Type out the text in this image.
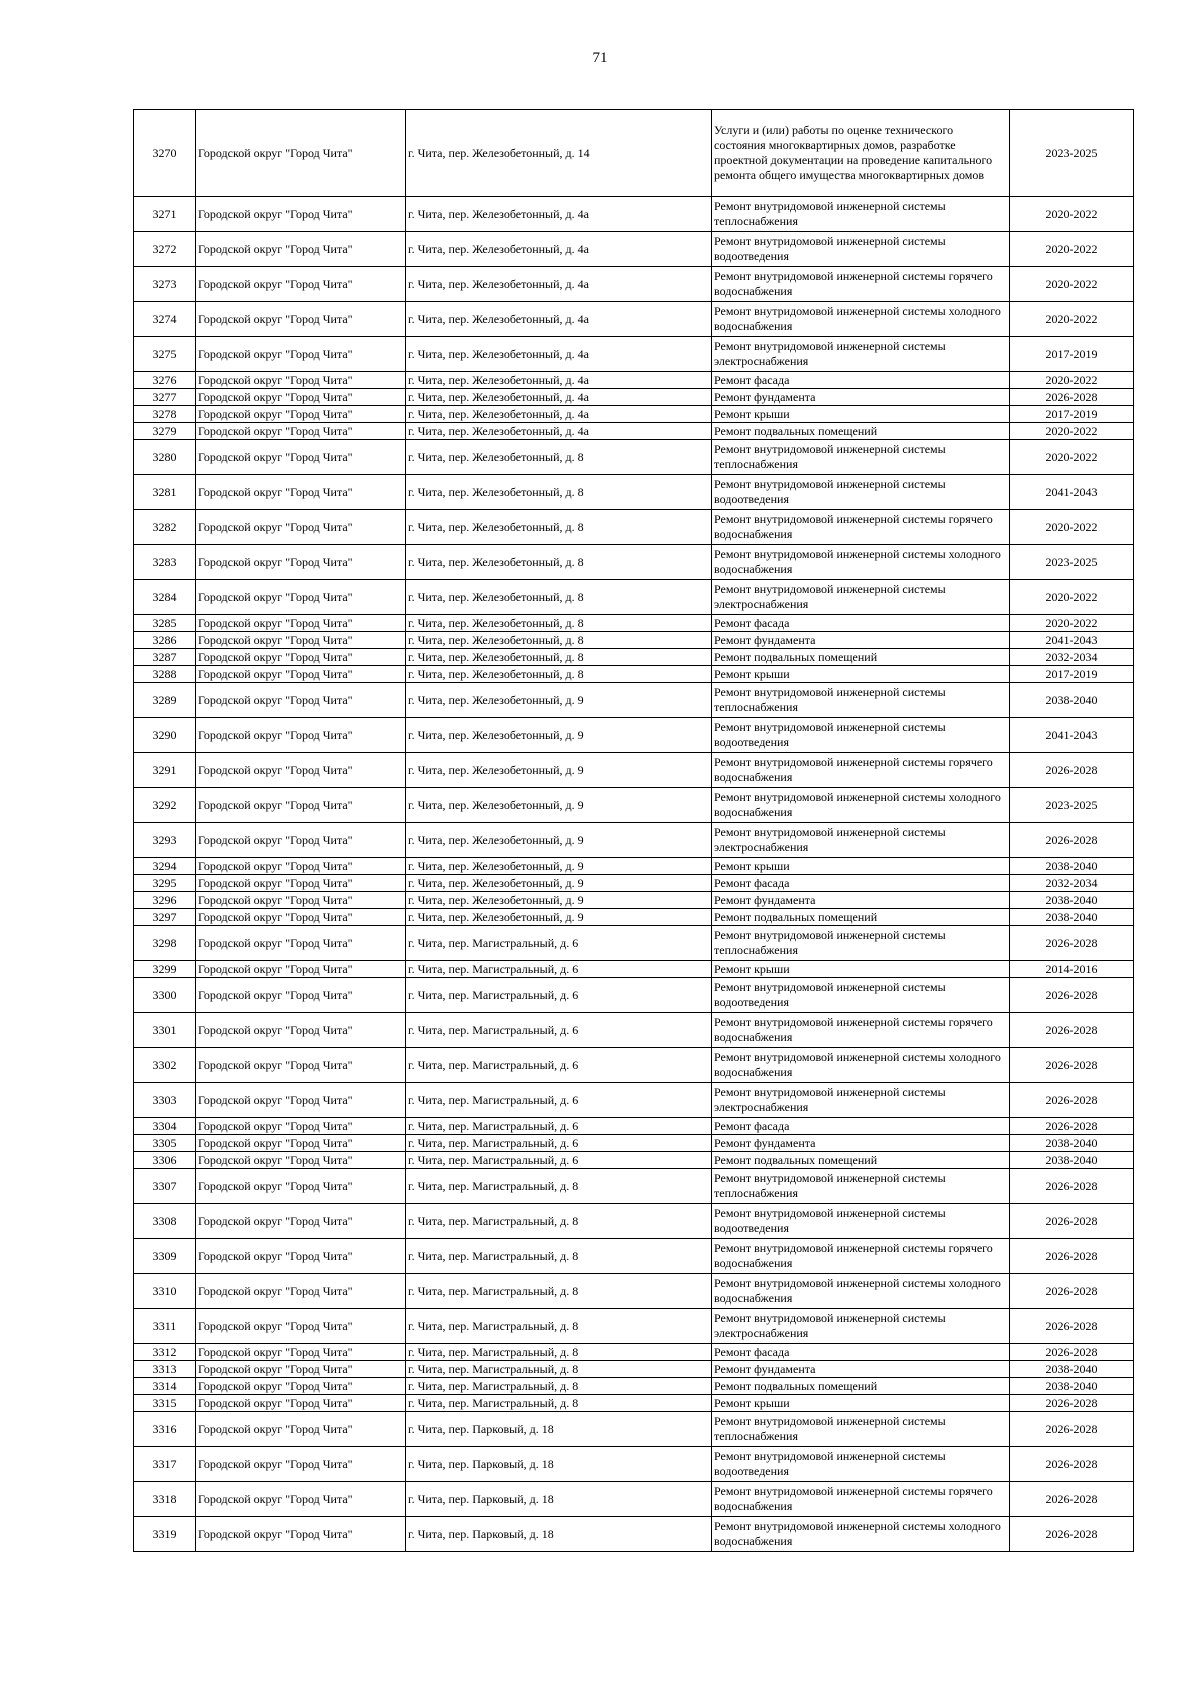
71
3270	Городской округ "Город Чита"	г. Чита, пер. Железобетонный, д. 14	Услуги и (или) работы по оценке технического состояния многоквартирных домов, разработке проектной документации на проведение капитального ремонта общего имущества многоквартирных домов	2023-2025
3271	Городской округ "Город Чита"	г. Чита, пер. Железобетонный, д. 4а	Ремонт внутридомовой инженерной системы теплоснабжения	2020-2022
3272	Городской округ "Город Чита"	г. Чита, пер. Железобетонный, д. 4а	Ремонт внутридомовой инженерной системы водоотведения	2020-2022
3273	Городской округ "Город Чита"	г. Чита, пер. Железобетонный, д. 4а	Ремонт внутридомовой инженерной системы горячего водоснабжения	2020-2022
3274	Городской округ "Город Чита"	г. Чита, пер. Железобетонный, д. 4а	Ремонт внутридомовой инженерной системы холодного водоснабжения	2020-2022
3275	Городской округ "Город Чита"	г. Чита, пер. Железобетонный, д. 4а	Ремонт внутридомовой инженерной системы электроснабжения	2017-2019
3276	Городской округ "Город Чита"	г. Чита, пер. Железобетонный, д. 4а	Ремонт фасада	2020-2022
3277	Городской округ "Город Чита"	г. Чита, пер. Железобетонный, д. 4а	Ремонт фундамента	2026-2028
3278	Городской округ "Город Чита"	г. Чита, пер. Железобетонный, д. 4а	Ремонт крыши	2017-2019
3279	Городской округ "Город Чита"	г. Чита, пер. Железобетонный, д. 4а	Ремонт подвальных помещений	2020-2022
3280	Городской округ "Город Чита"	г. Чита, пер. Железобетонный, д. 8	Ремонт внутридомовой инженерной системы теплоснабжения	2020-2022
3281	Городской округ "Город Чита"	г. Чита, пер. Железобетонный, д. 8	Ремонт внутридомовой инженерной системы водоотведения	2041-2043
3282	Городской округ "Город Чита"	г. Чита, пер. Железобетонный, д. 8	Ремонт внутридомовой инженерной системы горячего водоснабжения	2020-2022
3283	Городской округ "Город Чита"	г. Чита, пер. Железобетонный, д. 8	Ремонт внутридомовой инженерной системы холодного водоснабжения	2023-2025
3284	Городской округ "Город Чита"	г. Чита, пер. Железобетонный, д. 8	Ремонт внутридомовой инженерной системы электроснабжения	2020-2022
3285	Городской округ "Город Чита"	г. Чита, пер. Железобетонный, д. 8	Ремонт фасада	2020-2022
3286	Городской округ "Город Чита"	г. Чита, пер. Железобетонный, д. 8	Ремонт фундамента	2041-2043
3287	Городской округ "Город Чита"	г. Чита, пер. Железобетонный, д. 8	Ремонт подвальных помещений	2032-2034
3288	Городской округ "Город Чита"	г. Чита, пер. Железобетонный, д. 8	Ремонт крыши	2017-2019
3289	Городской округ "Город Чита"	г. Чита, пер. Железобетонный, д. 9	Ремонт внутридомовой инженерной системы теплоснабжения	2038-2040
3290	Городской округ "Город Чита"	г. Чита, пер. Железобетонный, д. 9	Ремонт внутридомовой инженерной системы водоотведения	2041-2043
3291	Городской округ "Город Чита"	г. Чита, пер. Железобетонный, д. 9	Ремонт внутридомовой инженерной системы горячего водоснабжения	2026-2028
3292	Городской округ "Город Чита"	г. Чита, пер. Железобетонный, д. 9	Ремонт внутридомовой инженерной системы холодного водоснабжения	2023-2025
3293	Городской округ "Город Чита"	г. Чита, пер. Железобетонный, д. 9	Ремонт внутридомовой инженерной системы электроснабжения	2026-2028
3294	Городской округ "Город Чита"	г. Чита, пер. Железобетонный, д. 9	Ремонт крыши	2038-2040
3295	Городской округ "Город Чита"	г. Чита, пер. Железобетонный, д. 9	Ремонт фасада	2032-2034
3296	Городской округ "Город Чита"	г. Чита, пер. Железобетонный, д. 9	Ремонт фундамента	2038-2040
3297	Городской округ "Город Чита"	г. Чита, пер. Железобетонный, д. 9	Ремонт подвальных помещений	2038-2040
3298	Городской округ "Город Чита"	г. Чита, пер. Магистральный, д. 6	Ремонт внутридомовой инженерной системы теплоснабжения	2026-2028
3299	Городской округ "Город Чита"	г. Чита, пер. Магистральный, д. 6	Ремонт крыши	2014-2016
3300	Городской округ "Город Чита"	г. Чита, пер. Магистральный, д. 6	Ремонт внутридомовой инженерной системы водоотведения	2026-2028
3301	Городской округ "Город Чита"	г. Чита, пер. Магистральный, д. 6	Ремонт внутридомовой инженерной системы горячего водоснабжения	2026-2028
3302	Городской округ "Город Чита"	г. Чита, пер. Магистральный, д. 6	Ремонт внутридомовой инженерной системы холодного водоснабжения	2026-2028
3303	Городской округ "Город Чита"	г. Чита, пер. Магистральный, д. 6	Ремонт внутридомовой инженерной системы электроснабжения	2026-2028
3304	Городской округ "Город Чита"	г. Чита, пер. Магистральный, д. 6	Ремонт фасада	2026-2028
3305	Городской округ "Город Чита"	г. Чита, пер. Магистральный, д. 6	Ремонт фундамента	2038-2040
3306	Городской округ "Город Чита"	г. Чита, пер. Магистральный, д. 6	Ремонт подвальных помещений	2038-2040
3307	Городской округ "Город Чита"	г. Чита, пер. Магистральный, д. 8	Ремонт внутридомовой инженерной системы теплоснабжения	2026-2028
3308	Городской округ "Город Чита"	г. Чита, пер. Магистральный, д. 8	Ремонт внутридомовой инженерной системы водоотведения	2026-2028
3309	Городской округ "Город Чита"	г. Чита, пер. Магистральный, д. 8	Ремонт внутридомовой инженерной системы горячего водоснабжения	2026-2028
3310	Городской округ "Город Чита"	г. Чита, пер. Магистральный, д. 8	Ремонт внутридомовой инженерной системы холодного водоснабжения	2026-2028
3311	Городской округ "Город Чита"	г. Чита, пер. Магистральный, д. 8	Ремонт внутридомовой инженерной системы электроснабжения	2026-2028
3312	Городской округ "Город Чита"	г. Чита, пер. Магистральный, д. 8	Ремонт фасада	2026-2028
3313	Городской округ "Город Чита"	г. Чита, пер. Магистральный, д. 8	Ремонт фундамента	2038-2040
3314	Городской округ "Город Чита"	г. Чита, пер. Магистральный, д. 8	Ремонт подвальных помещений	2038-2040
3315	Городской округ "Город Чита"	г. Чита, пер. Магистральный, д. 8	Ремонт крыши	2026-2028
3316	Городской округ "Город Чита"	г. Чита, пер. Парковый, д. 18	Ремонт внутридомовой инженерной системы теплоснабжения	2026-2028
3317	Городской округ "Город Чита"	г. Чита, пер. Парковый, д. 18	Ремонт внутридомовой инженерной системы водоотведения	2026-2028
3318	Городской округ "Город Чита"	г. Чита, пер. Парковый, д. 18	Ремонт внутридомовой инженерной системы горячего водоснабжения	2026-2028
3319	Городской округ "Город Чита"	г. Чита, пер. Парковый, д. 18	Ремонт внутридомовой инженерной системы холодного водоснабжения	2026-2028
